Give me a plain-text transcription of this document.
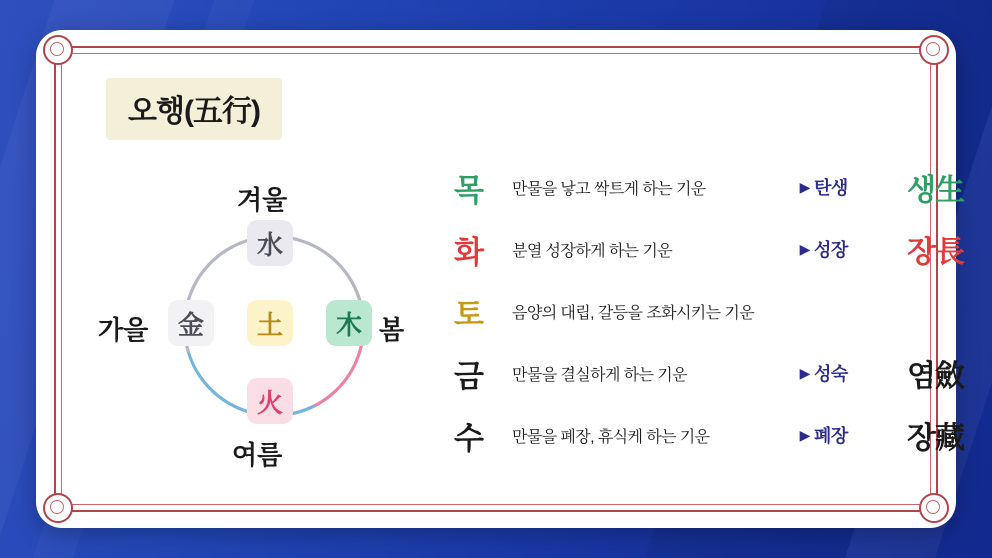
오행(五行)
겨울
봄
여름
가을
水
木
火
金	土
목	만물을 낳고 싹트게 하는 기운	▶ 탄생	생生
화	분열 성장하게 하는 기운	▶ 성장	장長
토	음양의 대립, 갈등을 조화시키는 기운
금	만물을 결실하게 하는 기운	▶ 성숙	염斂
수	만물을 폐장, 휴식케 하는 기운	▶ 폐장	장藏
